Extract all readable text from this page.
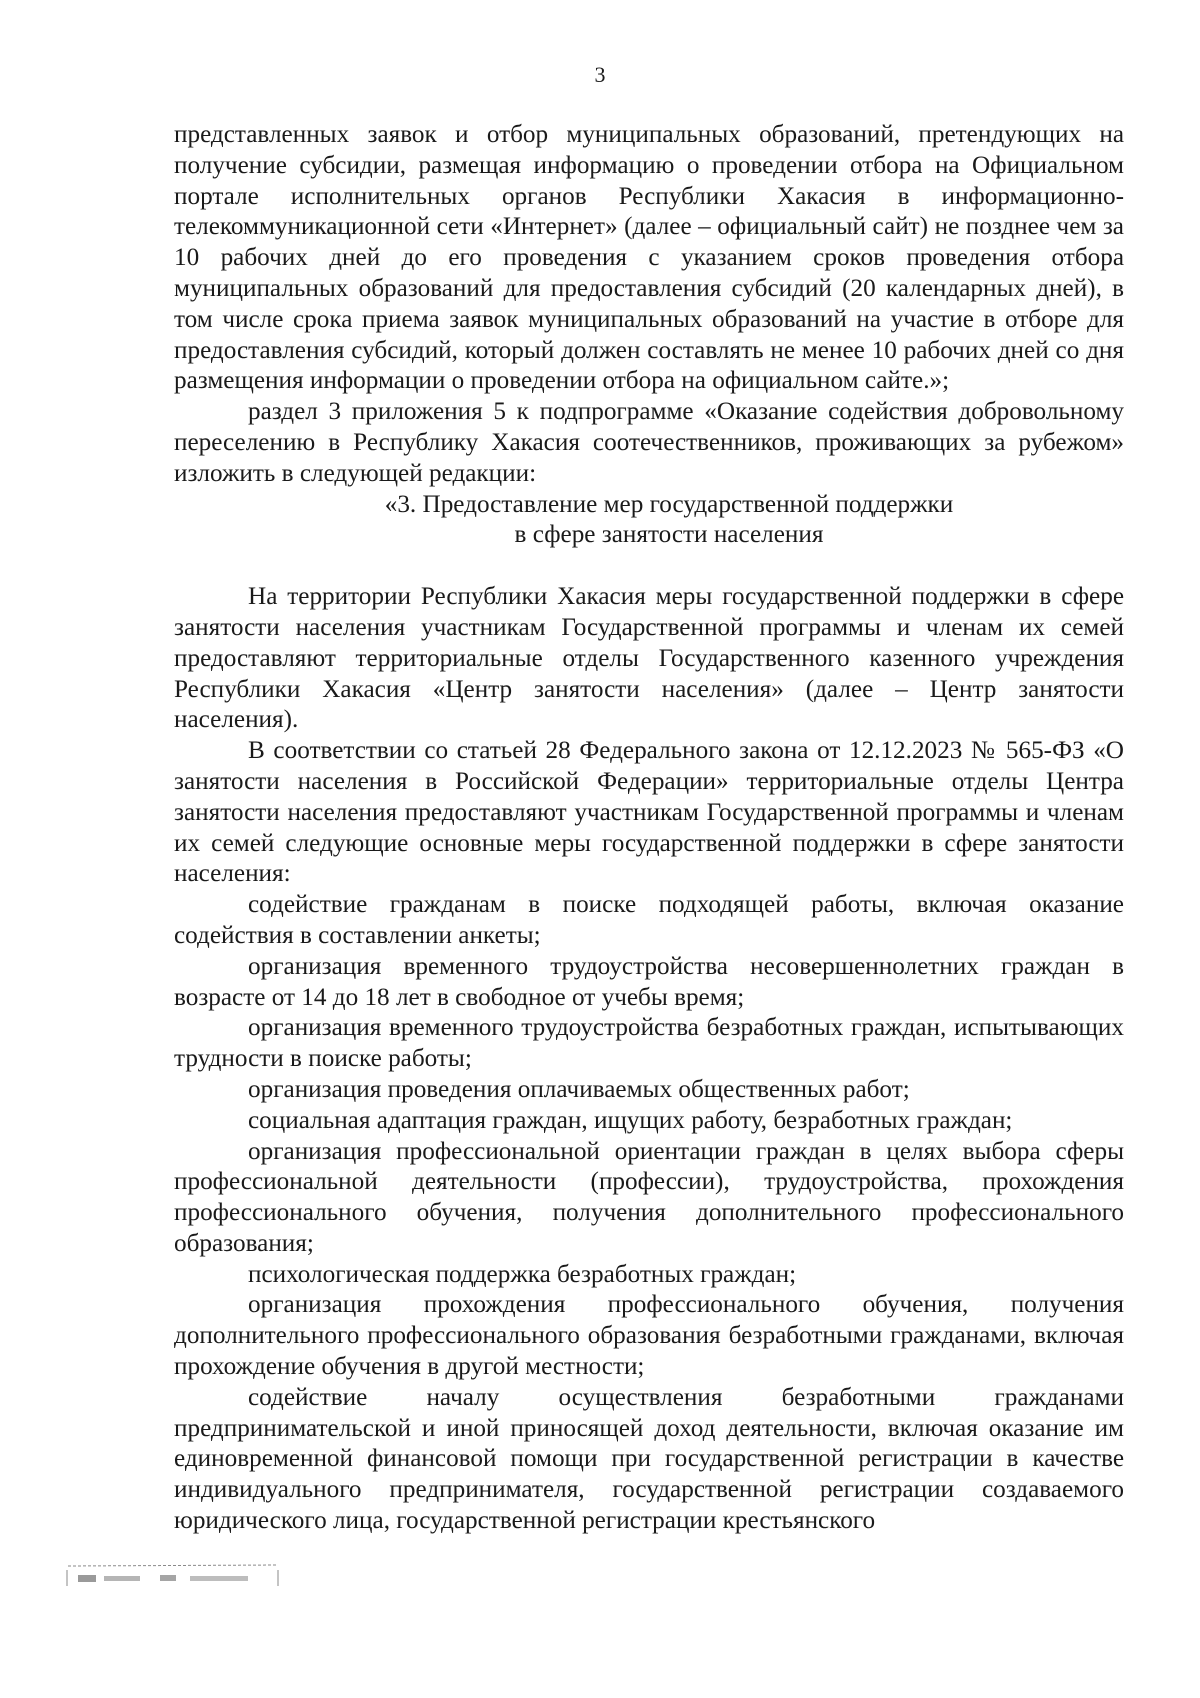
3

представленных заявок и отбор муниципальных образований, претендующих на получение субсидии, размещая информацию о проведении отбора на Официальном портале исполнительных органов Республики Хакасия в информационно-телекоммуникационной сети «Интернет» (далее – официальный сайт) не позднее чем за 10 рабочих дней до его проведения с указанием сроков проведения отбора муниципальных образований для предоставления субсидий (20 календарных дней), в том числе срока приема заявок муниципальных образований на участие в отборе для предоставления субсидий, который должен составлять не менее 10 рабочих дней со дня размещения информации о проведении отбора на официальном сайте.»;

раздел 3 приложения 5 к подпрограмме «Оказание содействия добровольному переселению в Республику Хакасия соотечественников, проживающих за рубежом» изложить в следующей редакции:

«3. Предоставление мер государственной поддержки

в сфере занятости населения

На территории Республики Хакасия меры государственной поддержки в сфере занятости населения участникам Государственной программы и членам их семей предоставляют территориальные отделы Государственного казенного учреждения Республики Хакасия «Центр занятости населения» (далее – Центр занятости населения).

В соответствии со статьей 28 Федерального закона от 12.12.2023 № 565-ФЗ «О занятости населения в Российской Федерации» территориальные отделы Центра занятости населения предоставляют участникам Государственной программы и членам их семей следующие основные меры государственной поддержки в сфере занятости населения:

содействие гражданам в поиске подходящей работы, включая оказание содействия в составлении анкеты;

организация временного трудоустройства несовершеннолетних граждан в возрасте от 14 до 18 лет в свободное от учебы время;

организация временного трудоустройства безработных граждан, испытывающих трудности в поиске работы;

организация проведения оплачиваемых общественных работ;

социальная адаптация граждан, ищущих работу, безработных граждан;

организация профессиональной ориентации граждан в целях выбора сферы профессиональной деятельности (профессии), трудоустройства, прохождения профессионального обучения, получения дополнительного профессионального образования;

психологическая поддержка безработных граждан;

организация прохождения профессионального обучения, получения дополнительного профессионального образования безработными гражданами, включая прохождение обучения в другой местности;

содействие началу осуществления безработными гражданами предпринимательской и иной приносящей доход деятельности, включая оказание им единовременной финансовой помощи при государственной регистрации в качестве индивидуального предпринимателя, государственной регистрации создаваемого юридического лица, государственной регистрации крестьянского
